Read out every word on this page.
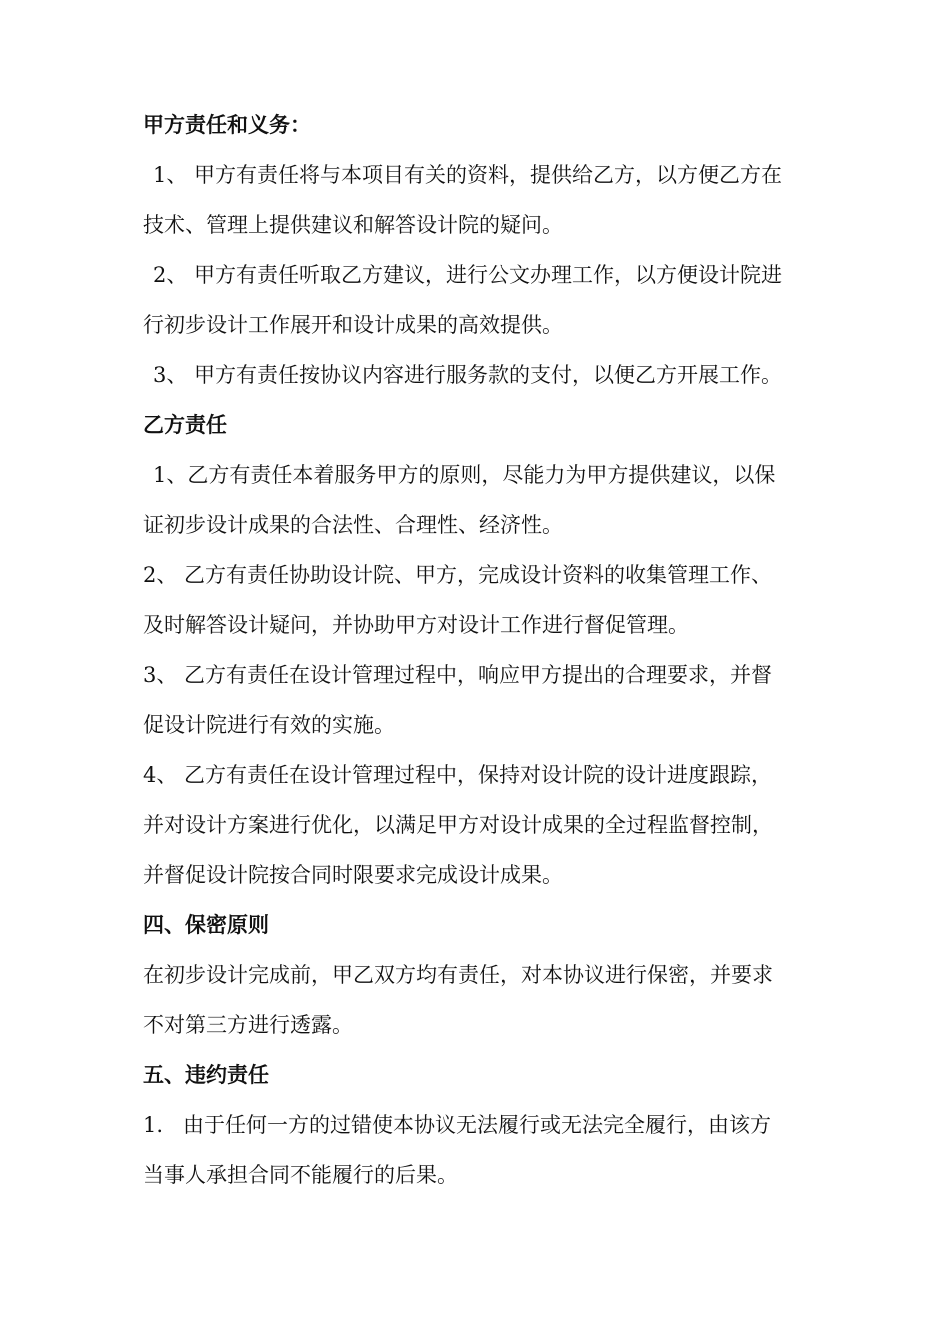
甲方责任和义务：
1、 甲方有责任将与本项目有关的资料，提供给乙方，以方便乙方在
技术、管理上提供建议和解答设计院的疑问。
2、 甲方有责任听取乙方建议，进行公文办理工作，以方便设计院进
行初步设计工作展开和设计成果的高效提供。
3、 甲方有责任按协议内容进行服务款的支付，以便乙方开展工作。
乙方责任
1、乙方有责任本着服务甲方的原则，尽能力为甲方提供建议，以保
证初步设计成果的合法性、合理性、经济性。
2、 乙方有责任协助设计院、甲方，完成设计资料的收集管理工作、
及时解答设计疑问，并协助甲方对设计工作进行督促管理。
3、 乙方有责任在设计管理过程中，响应甲方提出的合理要求，并督
促设计院进行有效的实施。
4、 乙方有责任在设计管理过程中，保持对设计院的设计进度跟踪，
并对设计方案进行优化，以满足甲方对设计成果的全过程监督控制，
并督促设计院按合同时限要求完成设计成果。
四、保密原则
在初步设计完成前，甲乙双方均有责任，对本协议进行保密，并要求
不对第三方进行透露。
五、违约责任
1.   由于任何一方的过错使本协议无法履行或无法完全履行，由该方
当事人承担合同不能履行的后果。
